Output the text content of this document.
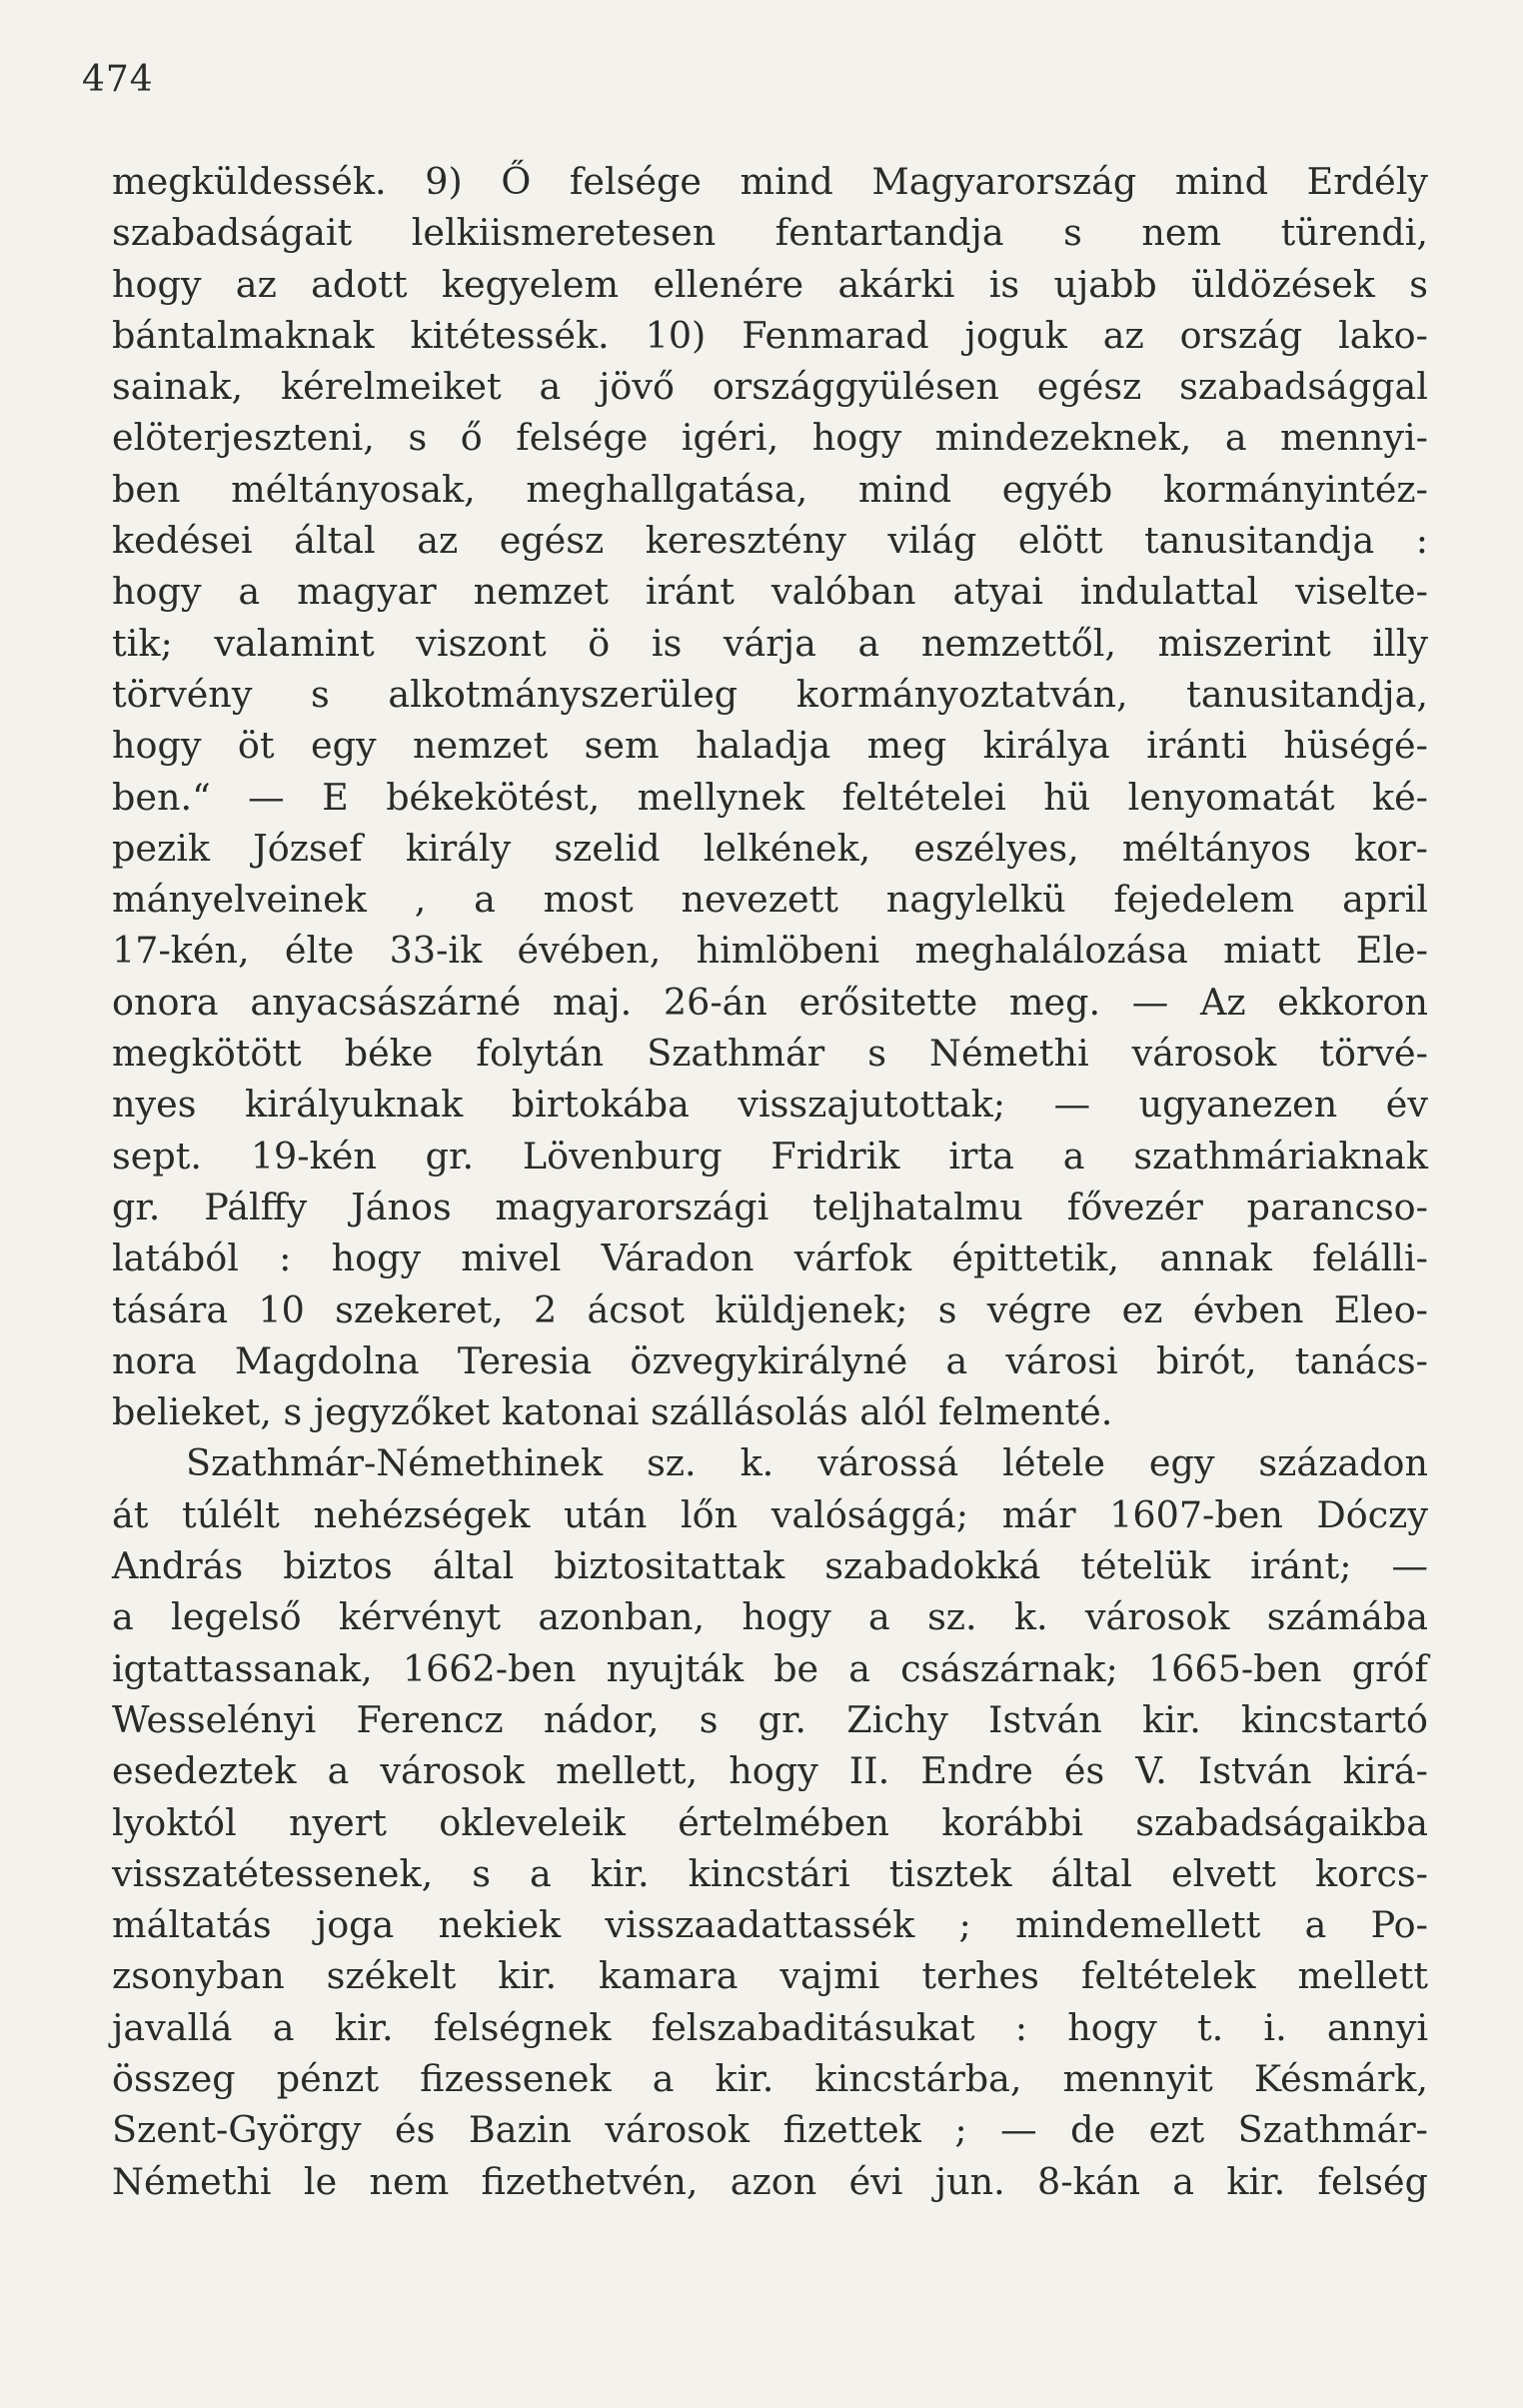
474
megküldessék. 9) Ő felsége mind Magyarország mind Erdély
szabadságait lelkiismeretesen fentartandja s nem türendi,
hogy az adott kegyelem ellenére akárki is ujabb üldözések s
bántalmaknak kitétessék. 10) Fenmarad joguk az ország lako-
sainak, kérelmeiket a jövő országgyülésen egész szabadsággal
elöterjeszteni, s ő felsége igéri, hogy mindezeknek, a mennyi-
ben méltányosak, meghallgatása, mind egyéb kormányintéz-
kedései által az egész keresztény világ elött tanusitandja :
hogy a magyar nemzet iránt valóban atyai indulattal viselte-
tik; valamint viszont ö is várja a nemzettől, miszerint illy
törvény s alkotmányszerüleg kormányoztatván, tanusitandja,
hogy öt egy nemzet sem haladja meg királya iránti hüségé-
ben.“ — E békekötést, mellynek feltételei hü lenyomatát ké-
pezik József király szelid lelkének, eszélyes, méltányos kor-
mányelveinek , a most nevezett nagylelkü fejedelem april
17-kén, élte 33-ik évében, himlöbeni meghalálozása miatt Ele-
onora anyacsászárné maj. 26-án erősitette meg. — Az ekkoron
megkötött béke folytán Szathmár s Némethi városok törvé-
nyes királyuknak birtokába visszajutottak; — ugyanezen év
sept. 19-kén gr. Lövenburg Fridrik irta a szathmáriaknak
gr. Pálffy János magyarországi teljhatalmu fővezér parancso-
latából : hogy mivel Váradon várfok épittetik, annak felálli-
tására 10 szekeret, 2 ácsot küldjenek; s végre ez évben Eleo-
nora Magdolna Teresia özvegykirályné a városi birót, tanács-
belieket, s jegyzőket katonai szállásolás alól felmenté.
Szathmár-Némethinek sz. k. várossá létele egy századon
át túlélt nehézségek után lőn valósággá; már 1607-ben Dóczy
András biztos által biztositattak szabadokká tételük iránt; —
a legelső kérvényt azonban, hogy a sz. k. városok számába
igtattassanak, 1662-ben nyujták be a császárnak; 1665-ben gróf
Wesselényi Ferencz nádor, s gr. Zichy István kir. kincstartó
esedeztek a városok mellett, hogy II. Endre és V. István kirá-
lyoktól nyert okleveleik értelmében korábbi szabadságaikba
visszatétessenek, s a kir. kincstári tisztek által elvett korcs-
máltatás joga nekiek visszaadattassék ; mindemellett a Po-
zsonyban székelt kir. kamara vajmi terhes feltételek mellett
javallá a kir. felségnek felszabaditásukat : hogy t. i. annyi
összeg pénzt fizessenek a kir. kincstárba, mennyit Késmárk,
Szent-György és Bazin városok fizettek ; — de ezt Szathmár-
Némethi le nem fizethetvén, azon évi jun. 8-kán a kir. felség
